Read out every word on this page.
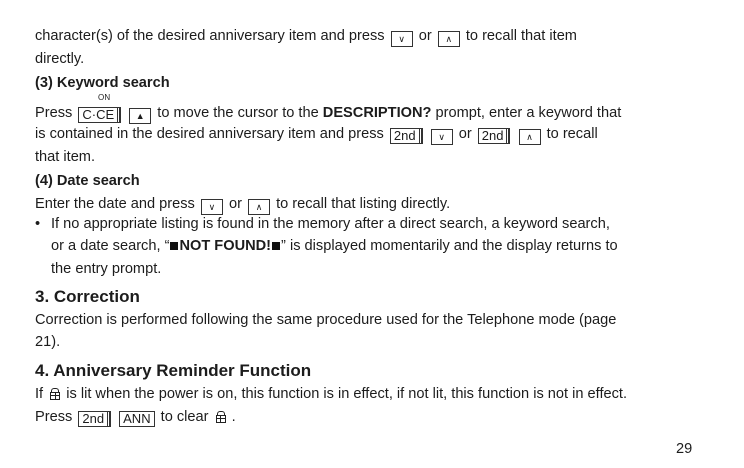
character(s) of the desired anniversary item and press ∨ or ∧ to recall that item
directly.
(3) Keyword search
ON
Press C·CE ▲ to move the cursor to the DESCRIPTION? prompt, enter a keyword that
is contained in the desired anniversary item and press 2nd	∨ or 2nd	∧ to recall
that item.
(4) Date search
Enter the date and press ∨ or ∧ to recall that listing directly.
• If no appropriate listing is found in the memory after a direct search, a keyword search,
or a date search, “ NOT FOUND! ” is displayed momentarily and the display returns to
the entry prompt.
3. Correction
Correction is performed following the same procedure used for the Telephone mode (page
21).
4. Anniversary Reminder Function
If is lit when the power is on, this function is in effect, if not lit, this function is not in effect.
Press 2nd ANN to clear .
29
